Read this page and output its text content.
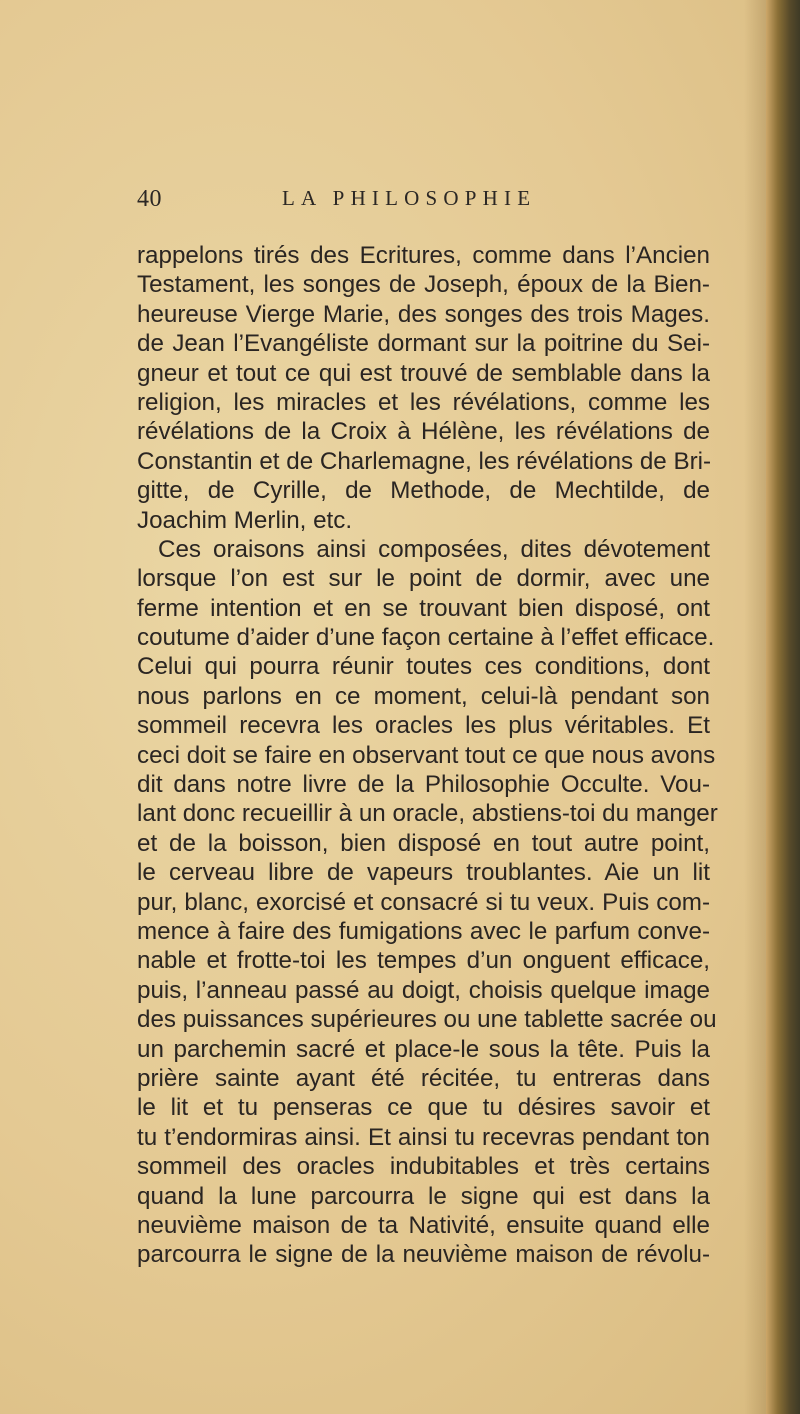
40	LA PHILOSOPHIE
rappelons tirés des Ecritures, comme dans l’Ancien
Testament, les songes de Joseph, époux de la Bien-
heureuse Vierge Marie, des songes des trois Mages.
de Jean l’Evangéliste dormant sur la poitrine du Sei-
gneur et tout ce qui est trouvé de semblable dans la
religion, les miracles et les révélations, comme les
révélations de la Croix à Hélène, les révélations de
Constantin et de Charlemagne, les révélations de Bri-
gitte, de Cyrille, de Methode, de Mechtilde, de
Joachim Merlin, etc.
Ces oraisons ainsi composées, dites dévotement
lorsque l’on est sur le point de dormir, avec une
ferme intention et en se trouvant bien disposé, ont
coutume d’aider d’une façon certaine à l’effet efficace.
Celui qui pourra réunir toutes ces conditions, dont
nous parlons en ce moment, celui-là pendant son
sommeil recevra les oracles les plus véritables. Et
ceci doit se faire en observant tout ce que nous avons
dit dans notre livre de la Philosophie Occulte. Vou-
lant donc recueillir à un oracle, abstiens-toi du manger
et de la boisson, bien disposé en tout autre point,
le cerveau libre de vapeurs troublantes. Aie un lit
pur, blanc, exorcisé et consacré si tu veux. Puis com-
mence à faire des fumigations avec le parfum conve-
nable et frotte-toi les tempes d’un onguent efficace,
puis, l’anneau passé au doigt, choisis quelque image
des puissances supérieures ou une tablette sacrée ou
un parchemin sacré et place-le sous la tête. Puis la
prière sainte ayant été récitée, tu entreras dans
le lit et tu penseras ce que tu désires savoir et
tu t’endormiras ainsi. Et ainsi tu recevras pendant ton
sommeil des oracles indubitables et très certains
quand la lune parcourra le signe qui est dans la
neuvième maison de ta Nativité, ensuite quand elle
parcourra le signe de la neuvième maison de révolu-
